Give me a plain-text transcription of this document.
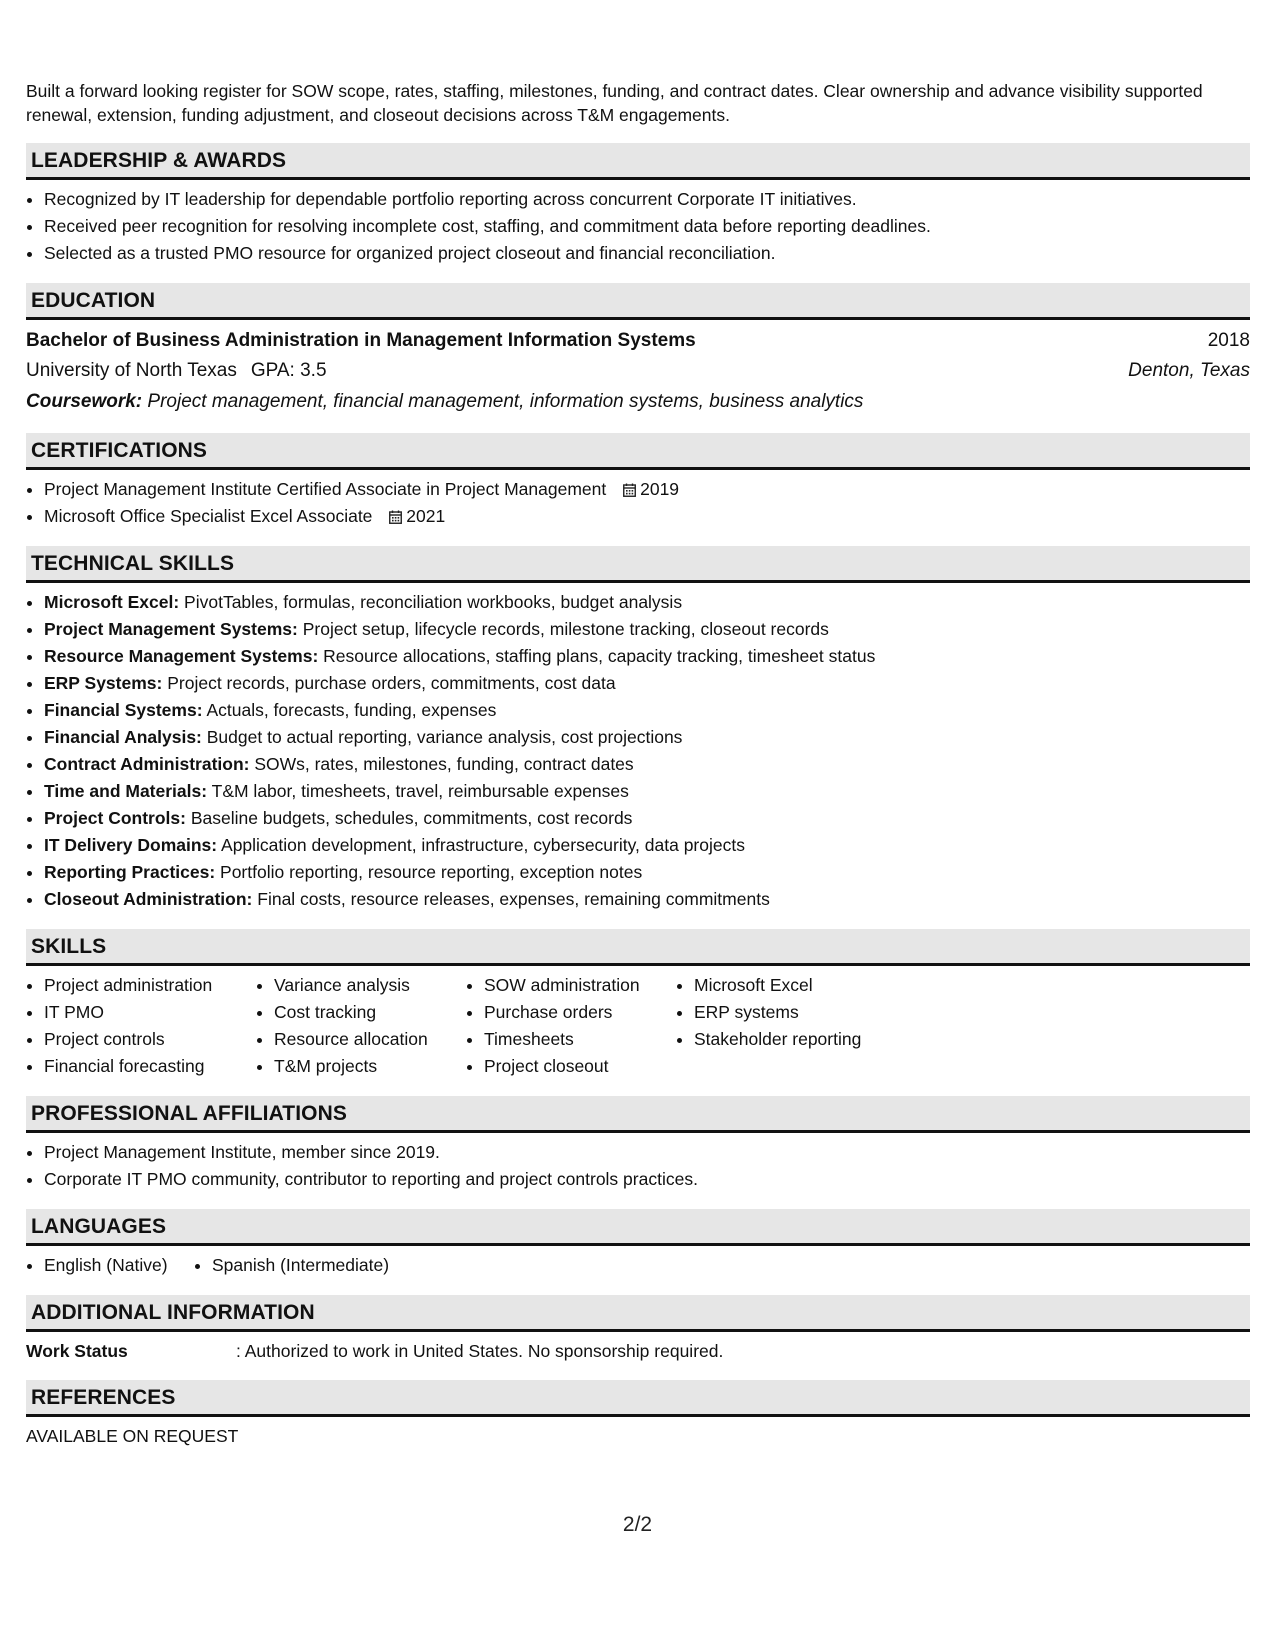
Built a forward looking register for SOW scope, rates, staffing, milestones, funding, and contract dates. Clear ownership and advance visibility supported renewal, extension, funding adjustment, and closeout decisions across T&M engagements.

LEADERSHIP & AWARDS
• Recognized by IT leadership for dependable portfolio reporting across concurrent Corporate IT initiatives.
• Received peer recognition for resolving incomplete cost, staffing, and commitment data before reporting deadlines.
• Selected as a trusted PMO resource for organized project closeout and financial reconciliation.
EDUCATION
Bachelor of Business Administration in Management Information Systems	2018
University of North Texas GPA: 3.5	Denton, Texas
Coursework: Project management, financial management, information systems, business analytics
CERTIFICATIONS
• Project Management Institute Certified Associate in Project Management 2019
• Microsoft Office Specialist Excel Associate 2021
TECHNICAL SKILLS
• Microsoft Excel: PivotTables, formulas, reconciliation workbooks, budget analysis
• Project Management Systems: Project setup, lifecycle records, milestone tracking, closeout records
• Resource Management Systems: Resource allocations, staffing plans, capacity tracking, timesheet status
• ERP Systems: Project records, purchase orders, commitments, cost data
• Financial Systems: Actuals, forecasts, funding, expenses
• Financial Analysis: Budget to actual reporting, variance analysis, cost projections
• Contract Administration: SOWs, rates, milestones, funding, contract dates
• Time and Materials: T&M labor, timesheets, travel, reimbursable expenses
• Project Controls: Baseline budgets, schedules, commitments, cost records
• IT Delivery Domains: Application development, infrastructure, cybersecurity, data projects
• Reporting Practices: Portfolio reporting, resource reporting, exception notes
• Closeout Administration: Final costs, resource releases, expenses, remaining commitments
SKILLS
• Project administration
• IT PMO
• Project controls
• Financial forecasting
• Variance analysis
• Cost tracking
• Resource allocation
• T&M projects
• SOW administration
• Purchase orders
• Timesheets
• Project closeout
• Microsoft Excel
• ERP systems
• Stakeholder reporting
PROFESSIONAL AFFILIATIONS
• Project Management Institute, member since 2019.
• Corporate IT PMO community, contributor to reporting and project controls practices.
LANGUAGES
• English (Native)
•	Spanish (Intermediate)
ADDITIONAL INFORMATION
Work Status	: Authorized to work in United States. No sponsorship required.
REFERENCES
AVAILABLE ON REQUEST
2/2
